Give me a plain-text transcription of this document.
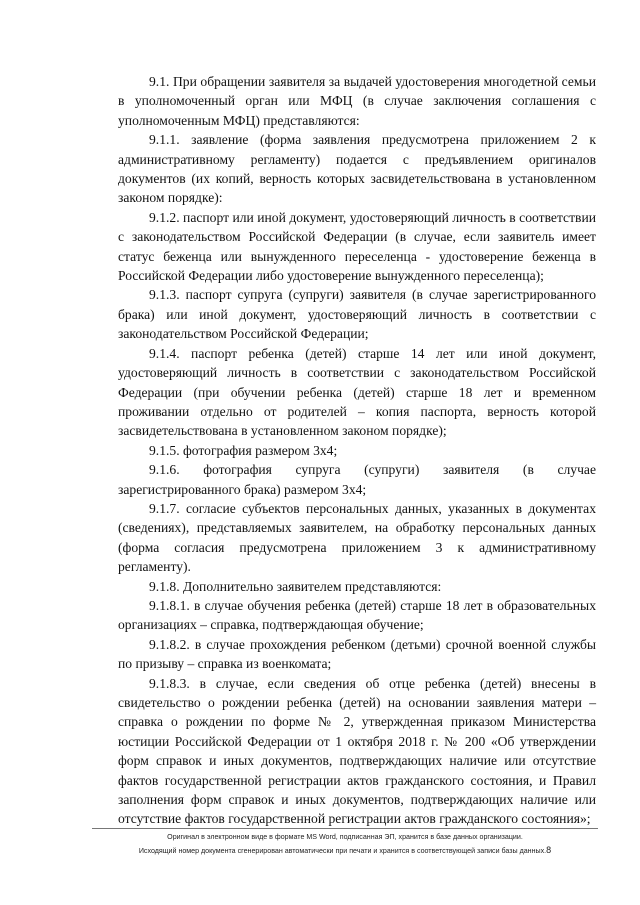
9.1. При обращении заявителя за выдачей удостоверения многодетной семьи в уполномоченный орган или МФЦ (в случае заключения соглашения с уполномоченным МФЦ) представляются:

9.1.1. заявление (форма заявления предусмотрена приложением 2 к административному регламенту) подается с предъявлением оригиналов документов (их копий, верность которых засвидетельствована в установленном законом порядке):

9.1.2. паспорт или иной документ, удостоверяющий личность в соответствии с законодательством Российской Федерации (в случае, если заявитель имеет статус беженца или вынужденного переселенца - удостоверение беженца в Российской Федерации либо удостоверение вынужденного переселенца);

9.1.3. паспорт супруга (супруги) заявителя (в случае зарегистрированного брака) или иной документ, удостоверяющий личность в соответствии с законодательством Российской Федерации;

9.1.4. паспорт ребенка (детей) старше 14 лет или иной документ, удостоверяющий личность в соответствии с законодательством Российской Федерации (при обучении ребенка (детей) старше 18 лет и временном проживании отдельно от родителей – копия паспорта, верность которой засвидетельствована в установленном законом порядке);

9.1.5. фотография размером 3х4;

9.1.6. фотография супруга (супруги) заявителя (в случае зарегистрированного брака) размером 3х4;

9.1.7. согласие субъектов персональных данных, указанных в документах (сведениях), представляемых заявителем, на обработку персональных данных (форма согласия предусмотрена приложением 3 к административному регламенту).

9.1.8. Дополнительно заявителем представляются:

9.1.8.1. в случае обучения ребенка (детей) старше 18 лет в образовательных организациях – справка, подтверждающая обучение;

9.1.8.2. в случае прохождения ребенком (детьми) срочной военной службы по призыву – справка из военкомата;

9.1.8.3. в случае, если сведения об отце ребенка (детей) внесены в свидетельство о рождении ребенка (детей) на основании заявления матери – справка о рождении по форме № 2, утвержденная приказом Министерства юстиции Российской Федерации от 1 октября 2018 г. № 200 «Об утверждении форм справок и иных документов, подтверждающих наличие или отсутствие фактов государственной регистрации актов гражданского состояния, и Правил заполнения форм справок и иных документов, подтверждающих наличие или отсутствие фактов государственной регистрации актов гражданского состояния»;

Оригинал в электронном виде в формате MS Word, подписанная ЭП, хранится в базе данных организации.
Исходящий номер документа сгенерирован автоматически при печати и хранится в соответствующей записи базы данных.8
